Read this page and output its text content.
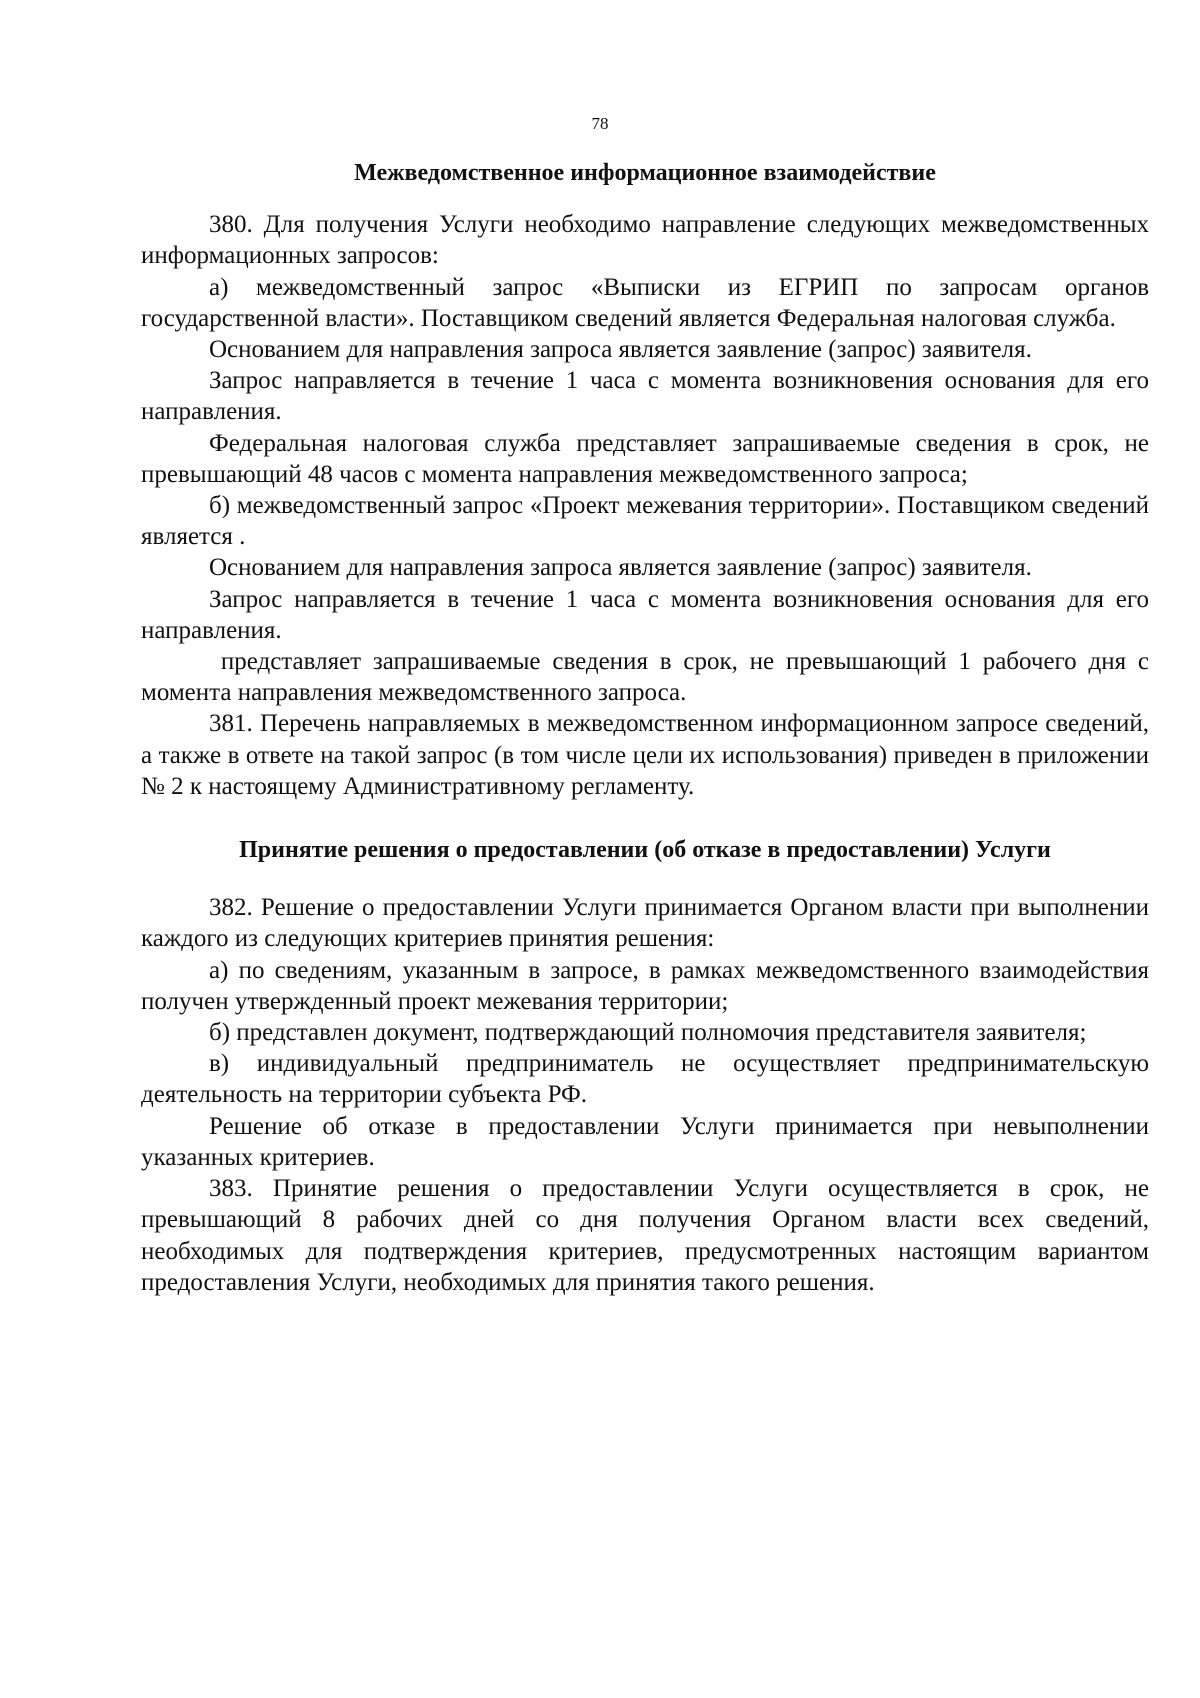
78
Межведомственное информационное взаимодействие

380. Для получения Услуги необходимо направление следующих межведомственных информационных запросов:

а) межведомственный запрос «Выписки из ЕГРИП по запросам органов государственной власти». Поставщиком сведений является Федеральная налоговая служба.

Основанием для направления запроса является заявление (запрос) заявителя.

Запрос направляется в течение 1 часа с момента возникновения основания для его направления.

Федеральная налоговая служба представляет запрашиваемые сведения в срок, не превышающий 48 часов с момента направления межведомственного запроса;

б) межведомственный запрос «Проект межевания территории». Поставщиком сведений является .

Основанием для направления запроса является заявление (запрос) заявителя.

Запрос направляется в течение 1 часа с момента возникновения основания для его направления.

представляет запрашиваемые сведения в срок, не превышающий 1 рабочего дня с момента направления межведомственного запроса.

381. Перечень направляемых в межведомственном информационном запросе сведений, а также в ответе на такой запрос (в том числе цели их использования) приведен в приложении № 2 к настоящему Административному регламенту.

Принятие решения о предоставлении (об отказе в предоставлении) Услуги

382. Решение о предоставлении Услуги принимается Органом власти при выполнении каждого из следующих критериев принятия решения:

а) по сведениям, указанным в запросе, в рамках межведомственного взаимодействия получен утвержденный проект межевания территории;

б) представлен документ, подтверждающий полномочия представителя заявителя;

в) индивидуальный предприниматель не осуществляет предпринимательскую деятельность на территории субъекта РФ.

Решение об отказе в предоставлении Услуги принимается при невыполнении указанных критериев.

383. Принятие решения о предоставлении Услуги осуществляется в срок, не превышающий 8 рабочих дней со дня получения Органом власти всех сведений, необходимых для подтверждения критериев, предусмотренных настоящим вариантом предоставления Услуги, необходимых для принятия такого решения.
